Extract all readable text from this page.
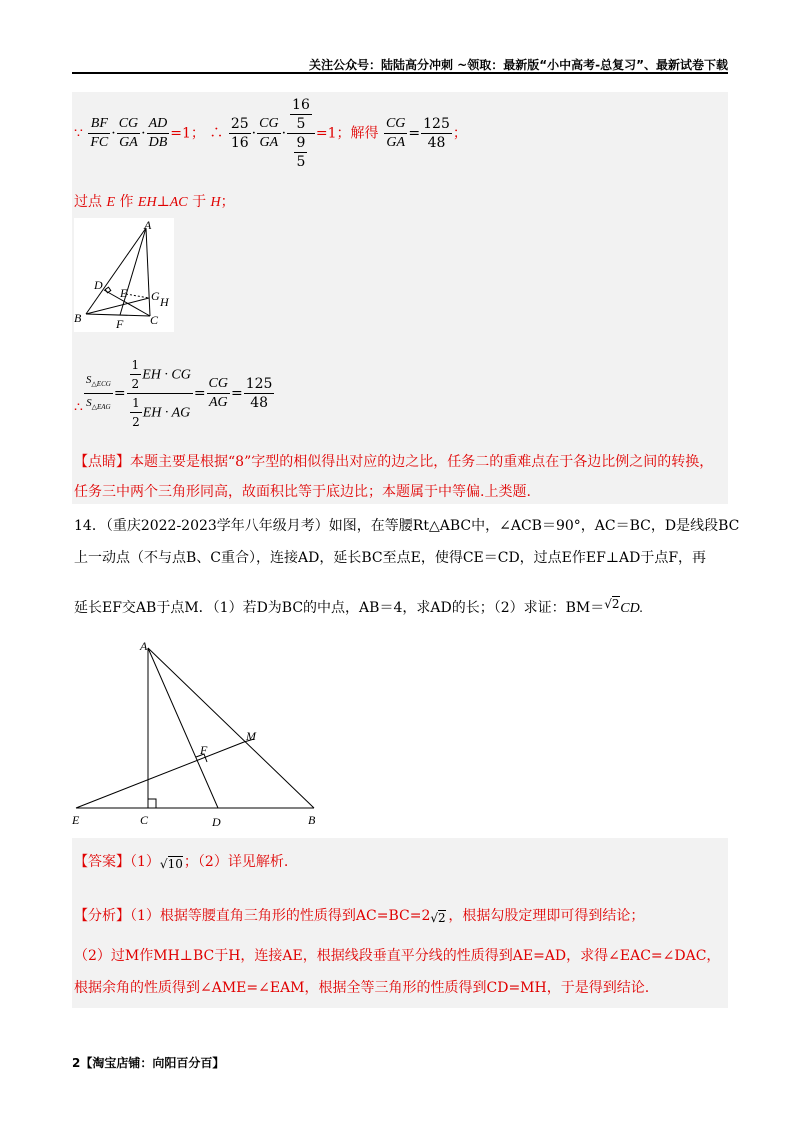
关注公众号：陆陆高分冲刺 ~领取：最新版“小中高考-总复习”、最新试卷下载
∵ $\frac{BF}{FC} \cdot \frac{CG}{GA} \cdot \frac{AD}{DB} =1$； ∴ $\frac{25}{16} \cdot \frac{CG}{GA} \cdot \frac{\frac{16}{5}}{\frac{9}{5}} =1$；解得 $\frac{CG}{GA} = \frac{125}{48}$ ；
过点 E 作 EH⊥AC 于 H；
A
D
E G H
B	F C
∴ $\frac{S_{\triangle ECG}}{S_{\triangle EAG}} = \frac{\frac{1}{2} EH \cdot CG}{\frac{1}{2} EH \cdot AG} = \frac{CG}{AG} = \frac{125}{48}$
【点睛】本题主要是根据“8”字型的相似得出对应的边之比，任务二的重难点在于各边比例之间的转换，
任务三中两个三角形同高，故面积比等于底边比；本题属于中等偏.上类题.
14．（重庆2022-2023学年八年级月考）如图，在等腰Rt△ABC中，∠ACB＝90°，AC＝BC，D是线段BC
上一动点（不与点B、C重合），连接AD，延长BC至点E，使得CE＝CD，过点E作EF⊥AD于点F，再
延长EF交AB于点M．（1）若D为BC的中点，AB＝4，求AD的长；（2）求证：BM＝ √2 CD.
A
M
F
E	C	D	B
【答案】（1） √10 ；（2）详见解析.
【分析】（1）根据等腰直角三角形的性质得到AC=BC=2 √2 ，根据勾股定理即可得到结论；
（2）过M作MH⊥BC于H，连接AE，根据线段垂直平分线的性质得到AE=AD，求得∠EAC=∠DAC，
根据余角的性质得到∠AME=∠EAM，根据全等三角形的性质得到CD=MH，于是得到结论.
2【淘宝店铺：向阳百分百】
